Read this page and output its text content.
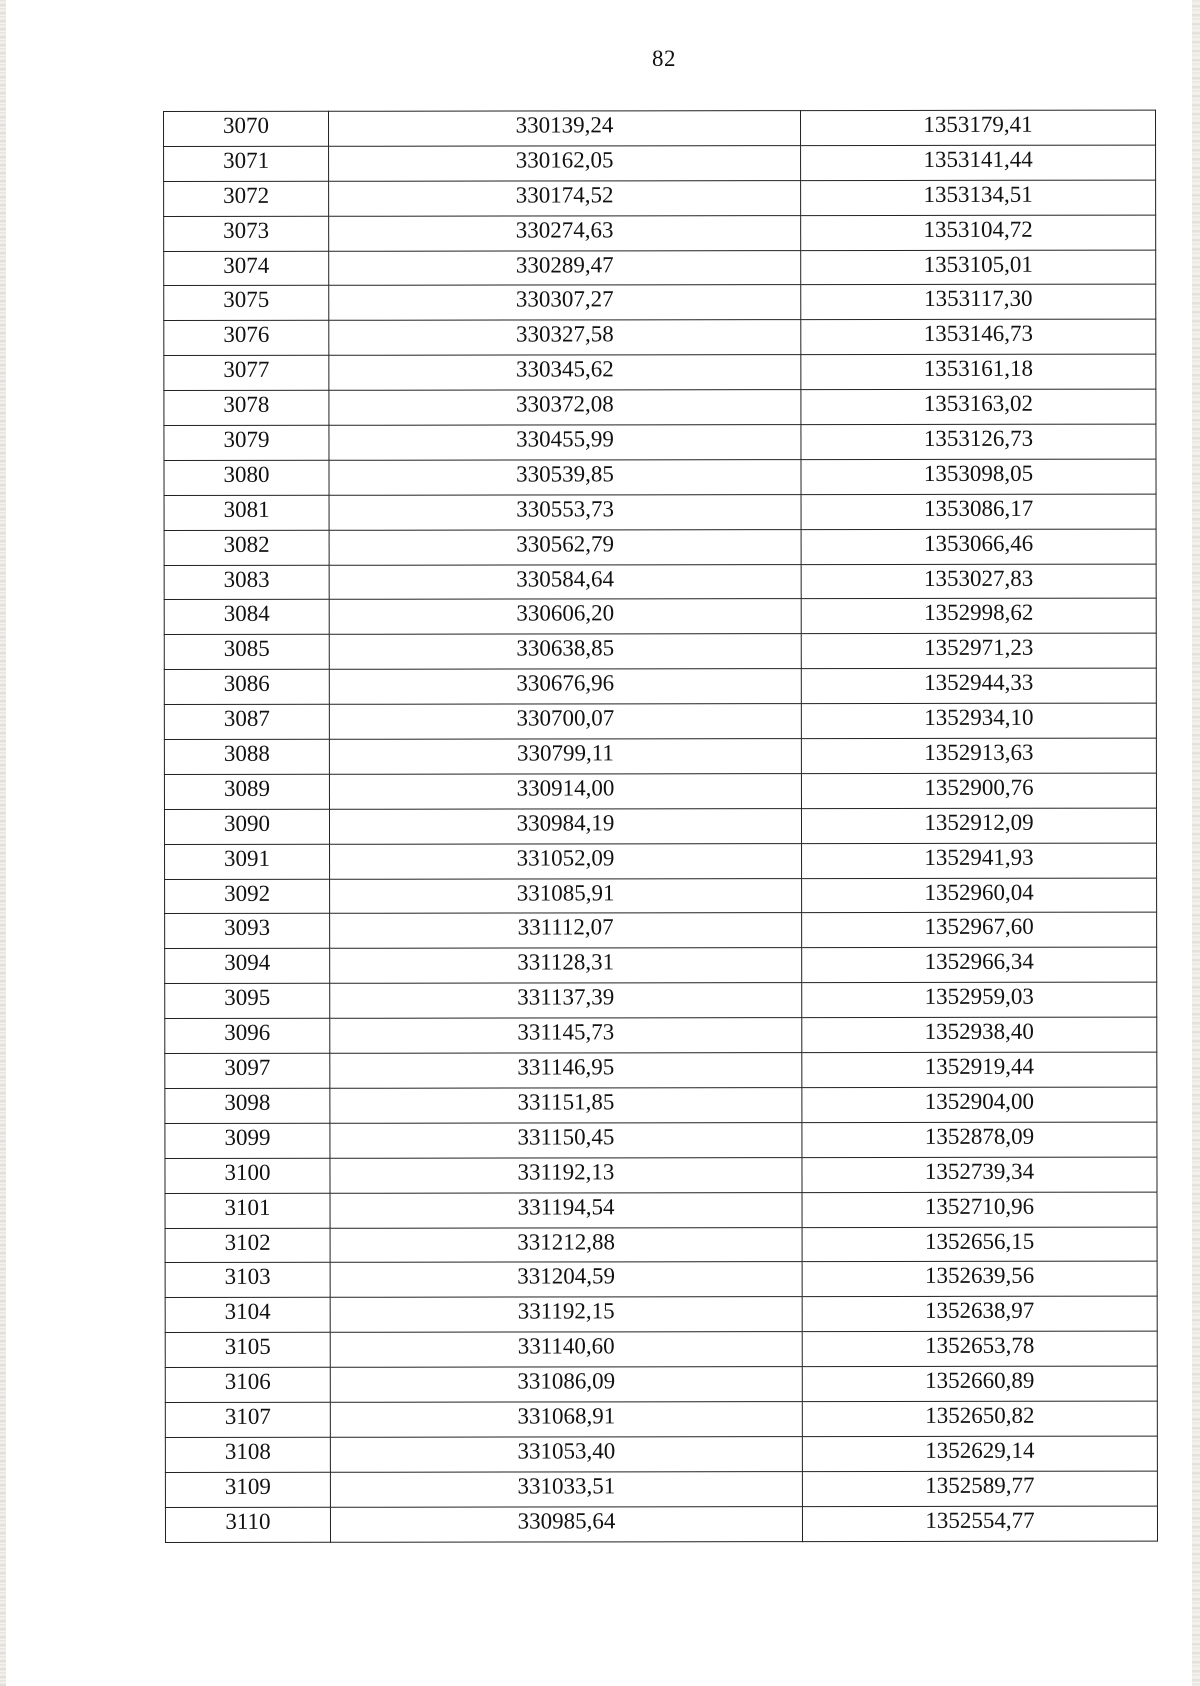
82
3070	330139,24	1353179,41
3071	330162,05	1353141,44
3072	330174,52	1353134,51
3073	330274,63	1353104,72
3074	330289,47	1353105,01
3075	330307,27	1353117,30
3076	330327,58	1353146,73
3077	330345,62	1353161,18
3078	330372,08	1353163,02
3079	330455,99	1353126,73
3080	330539,85	1353098,05
3081	330553,73	1353086,17
3082	330562,79	1353066,46
3083	330584,64	1353027,83
3084	330606,20	1352998,62
3085	330638,85	1352971,23
3086	330676,96	1352944,33
3087	330700,07	1352934,10
3088	330799,11	1352913,63
3089	330914,00	1352900,76
3090	330984,19	1352912,09
3091	331052,09	1352941,93
3092	331085,91	1352960,04
3093	331112,07	1352967,60
3094	331128,31	1352966,34
3095	331137,39	1352959,03
3096	331145,73	1352938,40
3097	331146,95	1352919,44
3098	331151,85	1352904,00
3099	331150,45	1352878,09
3100	331192,13	1352739,34
3101	331194,54	1352710,96
3102	331212,88	1352656,15
3103	331204,59	1352639,56
3104	331192,15	1352638,97
3105	331140,60	1352653,78
3106	331086,09	1352660,89
3107	331068,91	1352650,82
3108	331053,40	1352629,14
3109	331033,51	1352589,77
3110	330985,64	1352554,77
